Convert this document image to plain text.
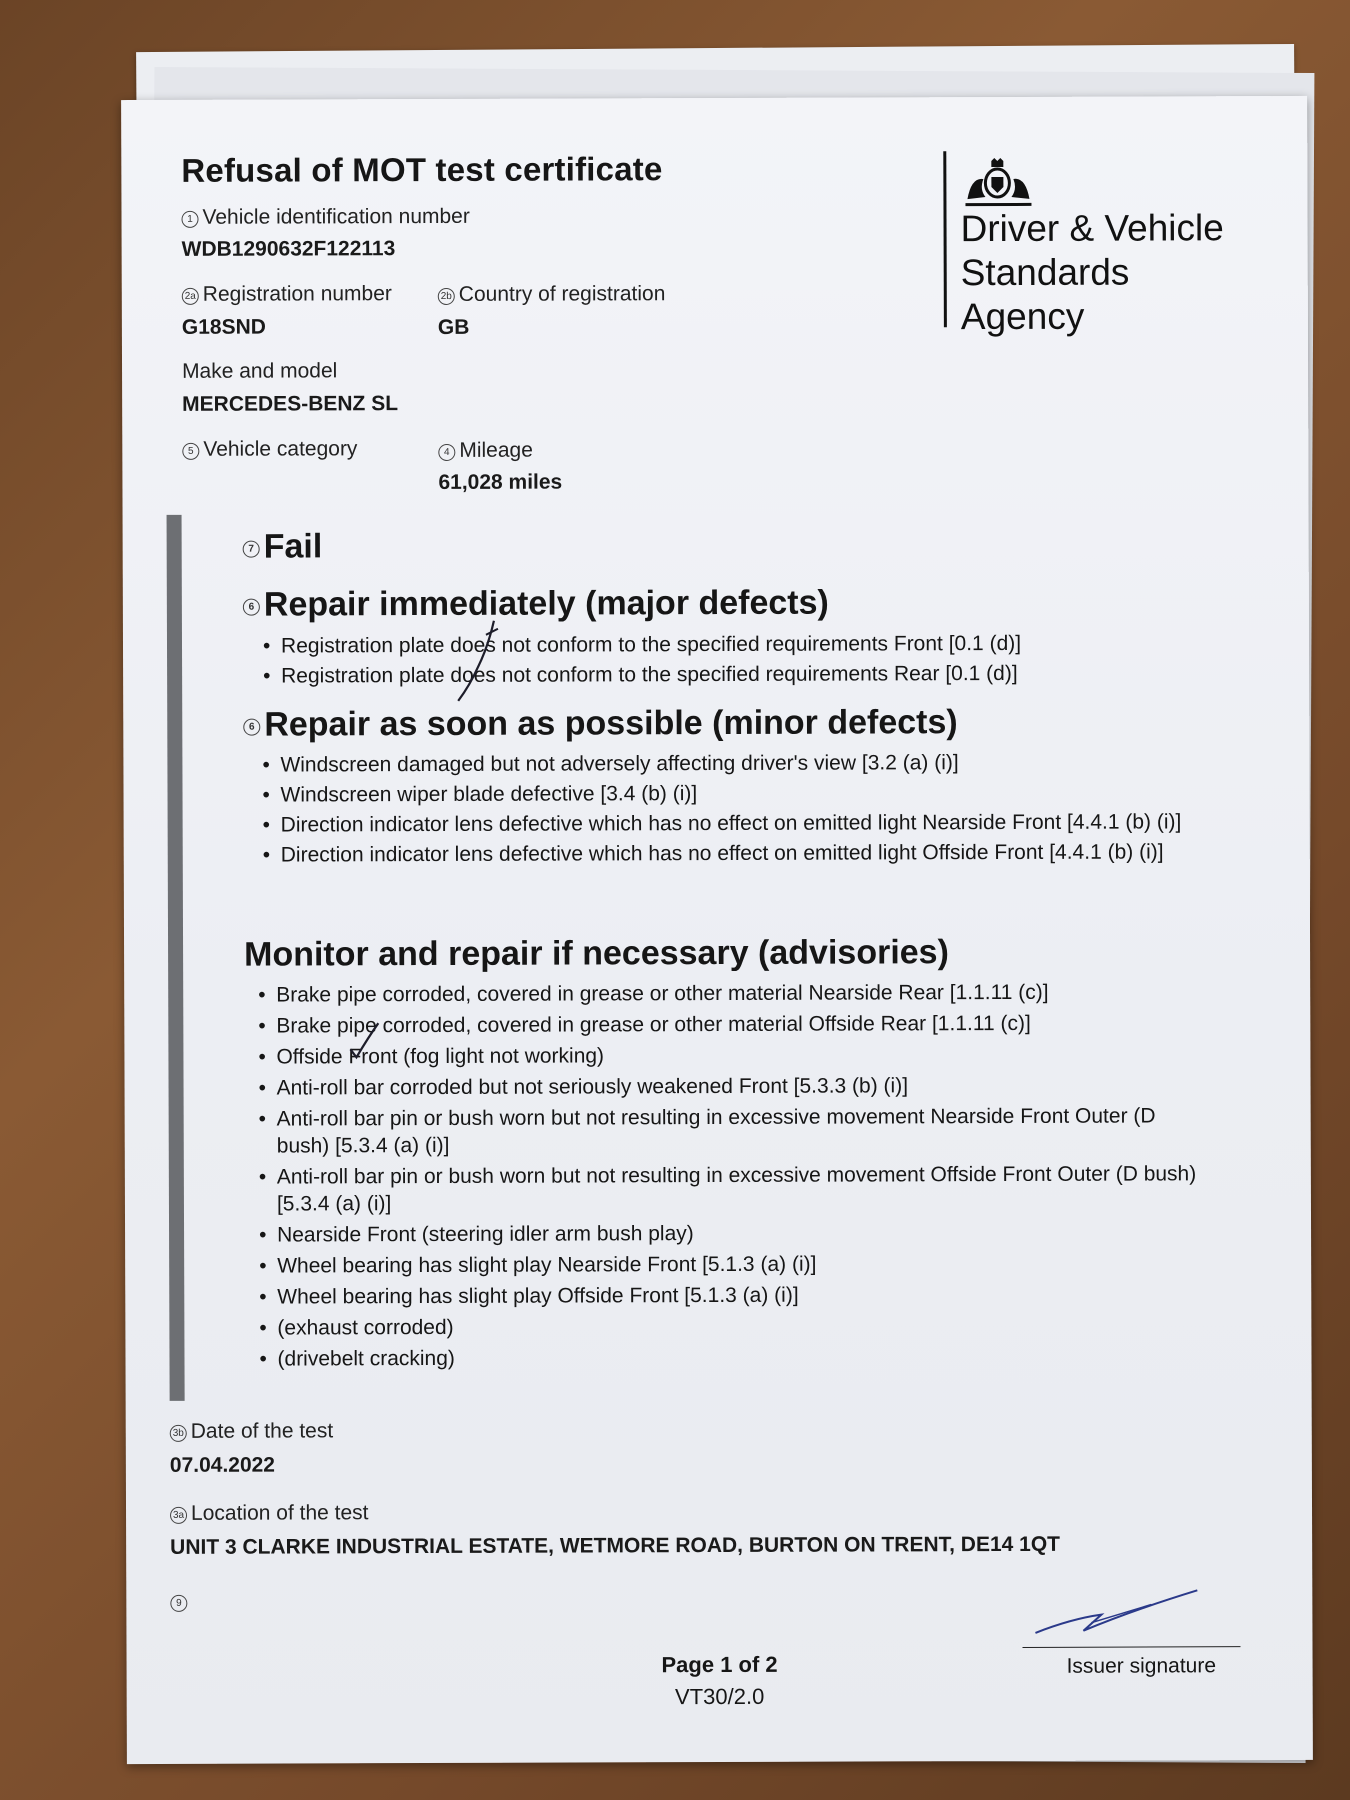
Refusal of MOT test certificate
1 Vehicle identification number
WDB1290632F122113
2a Registration number
G18SND
2b Country of registration
GB
Make and model
MERCEDES-BENZ SL
5 Vehicle category	4 Mileage
61,028 miles
Driver & Vehicle
Standards
Agency
7 Fail
6 Repair immediately (major defects)
• Registration plate does not conform to the specified requirements Front [0.1 (d)]
• Registration plate does not conform to the specified requirements Rear [0.1 (d)]
6 Repair as soon as possible (minor defects)
• Windscreen damaged but not adversely affecting driver's view [3.2 (a) (i)]
• Windscreen wiper blade defective [3.4 (b) (i)]
• Direction indicator lens defective which has no effect on emitted light Nearside Front [4.4.1 (b) (i)]
• Direction indicator lens defective which has no effect on emitted light Offside Front [4.4.1 (b) (i)]
Monitor and repair if necessary (advisories)
• Brake pipe corroded, covered in grease or other material Nearside Rear [1.1.11 (c)]
• Brake pipe corroded, covered in grease or other material Offside Rear [1.1.11 (c)]
• Offside Front (fog light not working)
• Anti-roll bar corroded but not seriously weakened Front [5.3.3 (b) (i)]
• Anti-roll bar pin or bush worn but not resulting in excessive movement Nearside Front Outer (D bush) [5.3.4 (a) (i)]
• Anti-roll bar pin or bush worn but not resulting in excessive movement Offside Front Outer (D bush) [5.3.4 (a) (i)]
• Nearside Front (steering idler arm bush play)
• Wheel bearing has slight play Nearside Front [5.1.3 (a) (i)]
• Wheel bearing has slight play Offside Front [5.1.3 (a) (i)]
• (exhaust corroded)
• (drivebelt cracking)
3b Date of the test
07.04.2022
3a Location of the test
UNIT 3 CLARKE INDUSTRIAL ESTATE, WETMORE ROAD, BURTON ON TRENT, DE14 1QT
9
Issuer signature
Page 1 of 2
VT30/2.0
